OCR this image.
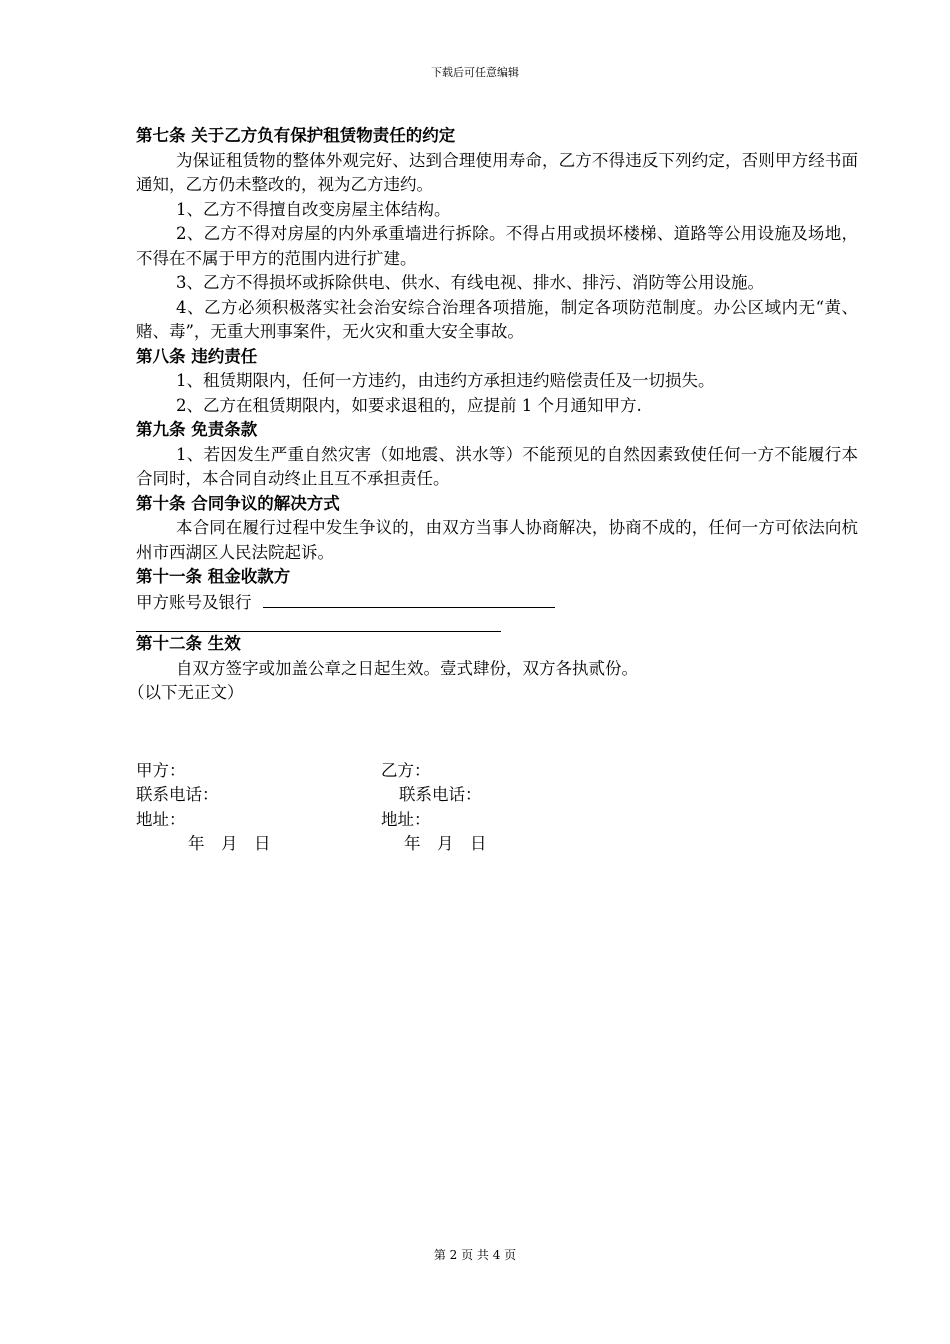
下载后可任意编辑
第七条 关于乙方负有保护租赁物责任的约定
为保证租赁物的整体外观完好、达到合理使用寿命，乙方不得违反下列约定，否则甲方经书面通知，乙方仍未整改的，视为乙方违约。
1、乙方不得擅自改变房屋主体结构。
2、乙方不得对房屋的内外承重墙进行拆除。不得占用或损坏楼梯、道路等公用设施及场地，不得在不属于甲方的范围内进行扩建。
3、乙方不得损坏或拆除供电、供水、有线电视、排水、排污、消防等公用设施。
4、乙方必须积极落实社会治安综合治理各项措施，制定各项防范制度。办公区域内无“黄、赌、毒”，无重大刑事案件，无火灾和重大安全事故。
第八条 违约责任
1、租赁期限内，任何一方违约，由违约方承担违约赔偿责任及一切损失。
2、乙方在租赁期限内，如要求退租的，应提前 1 个月通知甲方.
第九条 免责条款
1、若因发生严重自然灾害（如地震、洪水等）不能预见的自然因素致使任何一方不能履行本合同时，本合同自动终止且互不承担责任。
第十条 合同争议的解决方式
本合同在履行过程中发生争议的，由双方当事人协商解决，协商不成的，任何一方可依法向杭州市西湖区人民法院起诉。
第十一条 租金收款方
甲方账号及银行
第十二条 生效
自双方签字或加盖公章之日起生效。壹式肆份，双方各执贰份。
（以下无正文）
甲方：	乙方：
联系电话：	联系电话：
地址：	地址：
年　月　日	年　月　日
第 2 页 共 4 页
